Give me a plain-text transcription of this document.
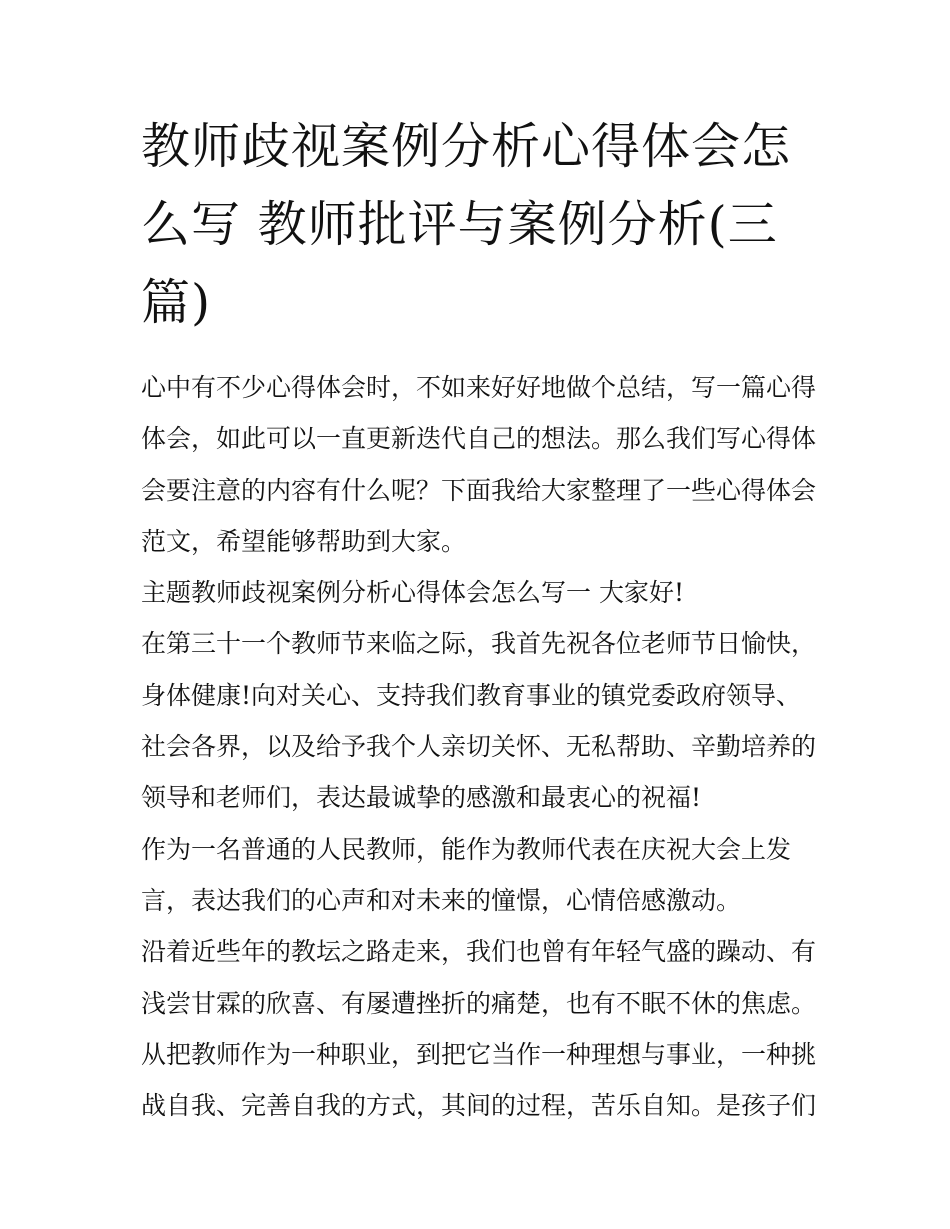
教师歧视案例分析心得体会怎么写 教师批评与案例分析(三篇)

心中有不少心得体会时，不如来好好地做个总结，写一篇心得体会，如此可以一直更新迭代自己的想法。那么我们写心得体会要注意的内容有什么呢？下面我给大家整理了一些心得体会范文，希望能够帮助到大家。

主题教师歧视案例分析心得体会怎么写一 大家好!

在第三十一个教师节来临之际，我首先祝各位老师节日愉快，身体健康!向对关心、支持我们教育事业的镇党委政府领导、社会各界，以及给予我个人亲切关怀、无私帮助、辛勤培养的领导和老师们，表达最诚挚的感激和最衷心的祝福!

作为一名普通的人民教师，能作为教师代表在庆祝大会上发言，表达我们的心声和对未来的憧憬，心情倍感激动。

沿着近些年的教坛之路走来，我们也曾有年轻气盛的躁动、有浅尝甘霖的欣喜、有屡遭挫折的痛楚，也有不眠不休的焦虑。从把教师作为一种职业，到把它当作一种理想与事业，一种挑战自我、完善自我的方式，其间的过程，苦乐自知。是孩子们
